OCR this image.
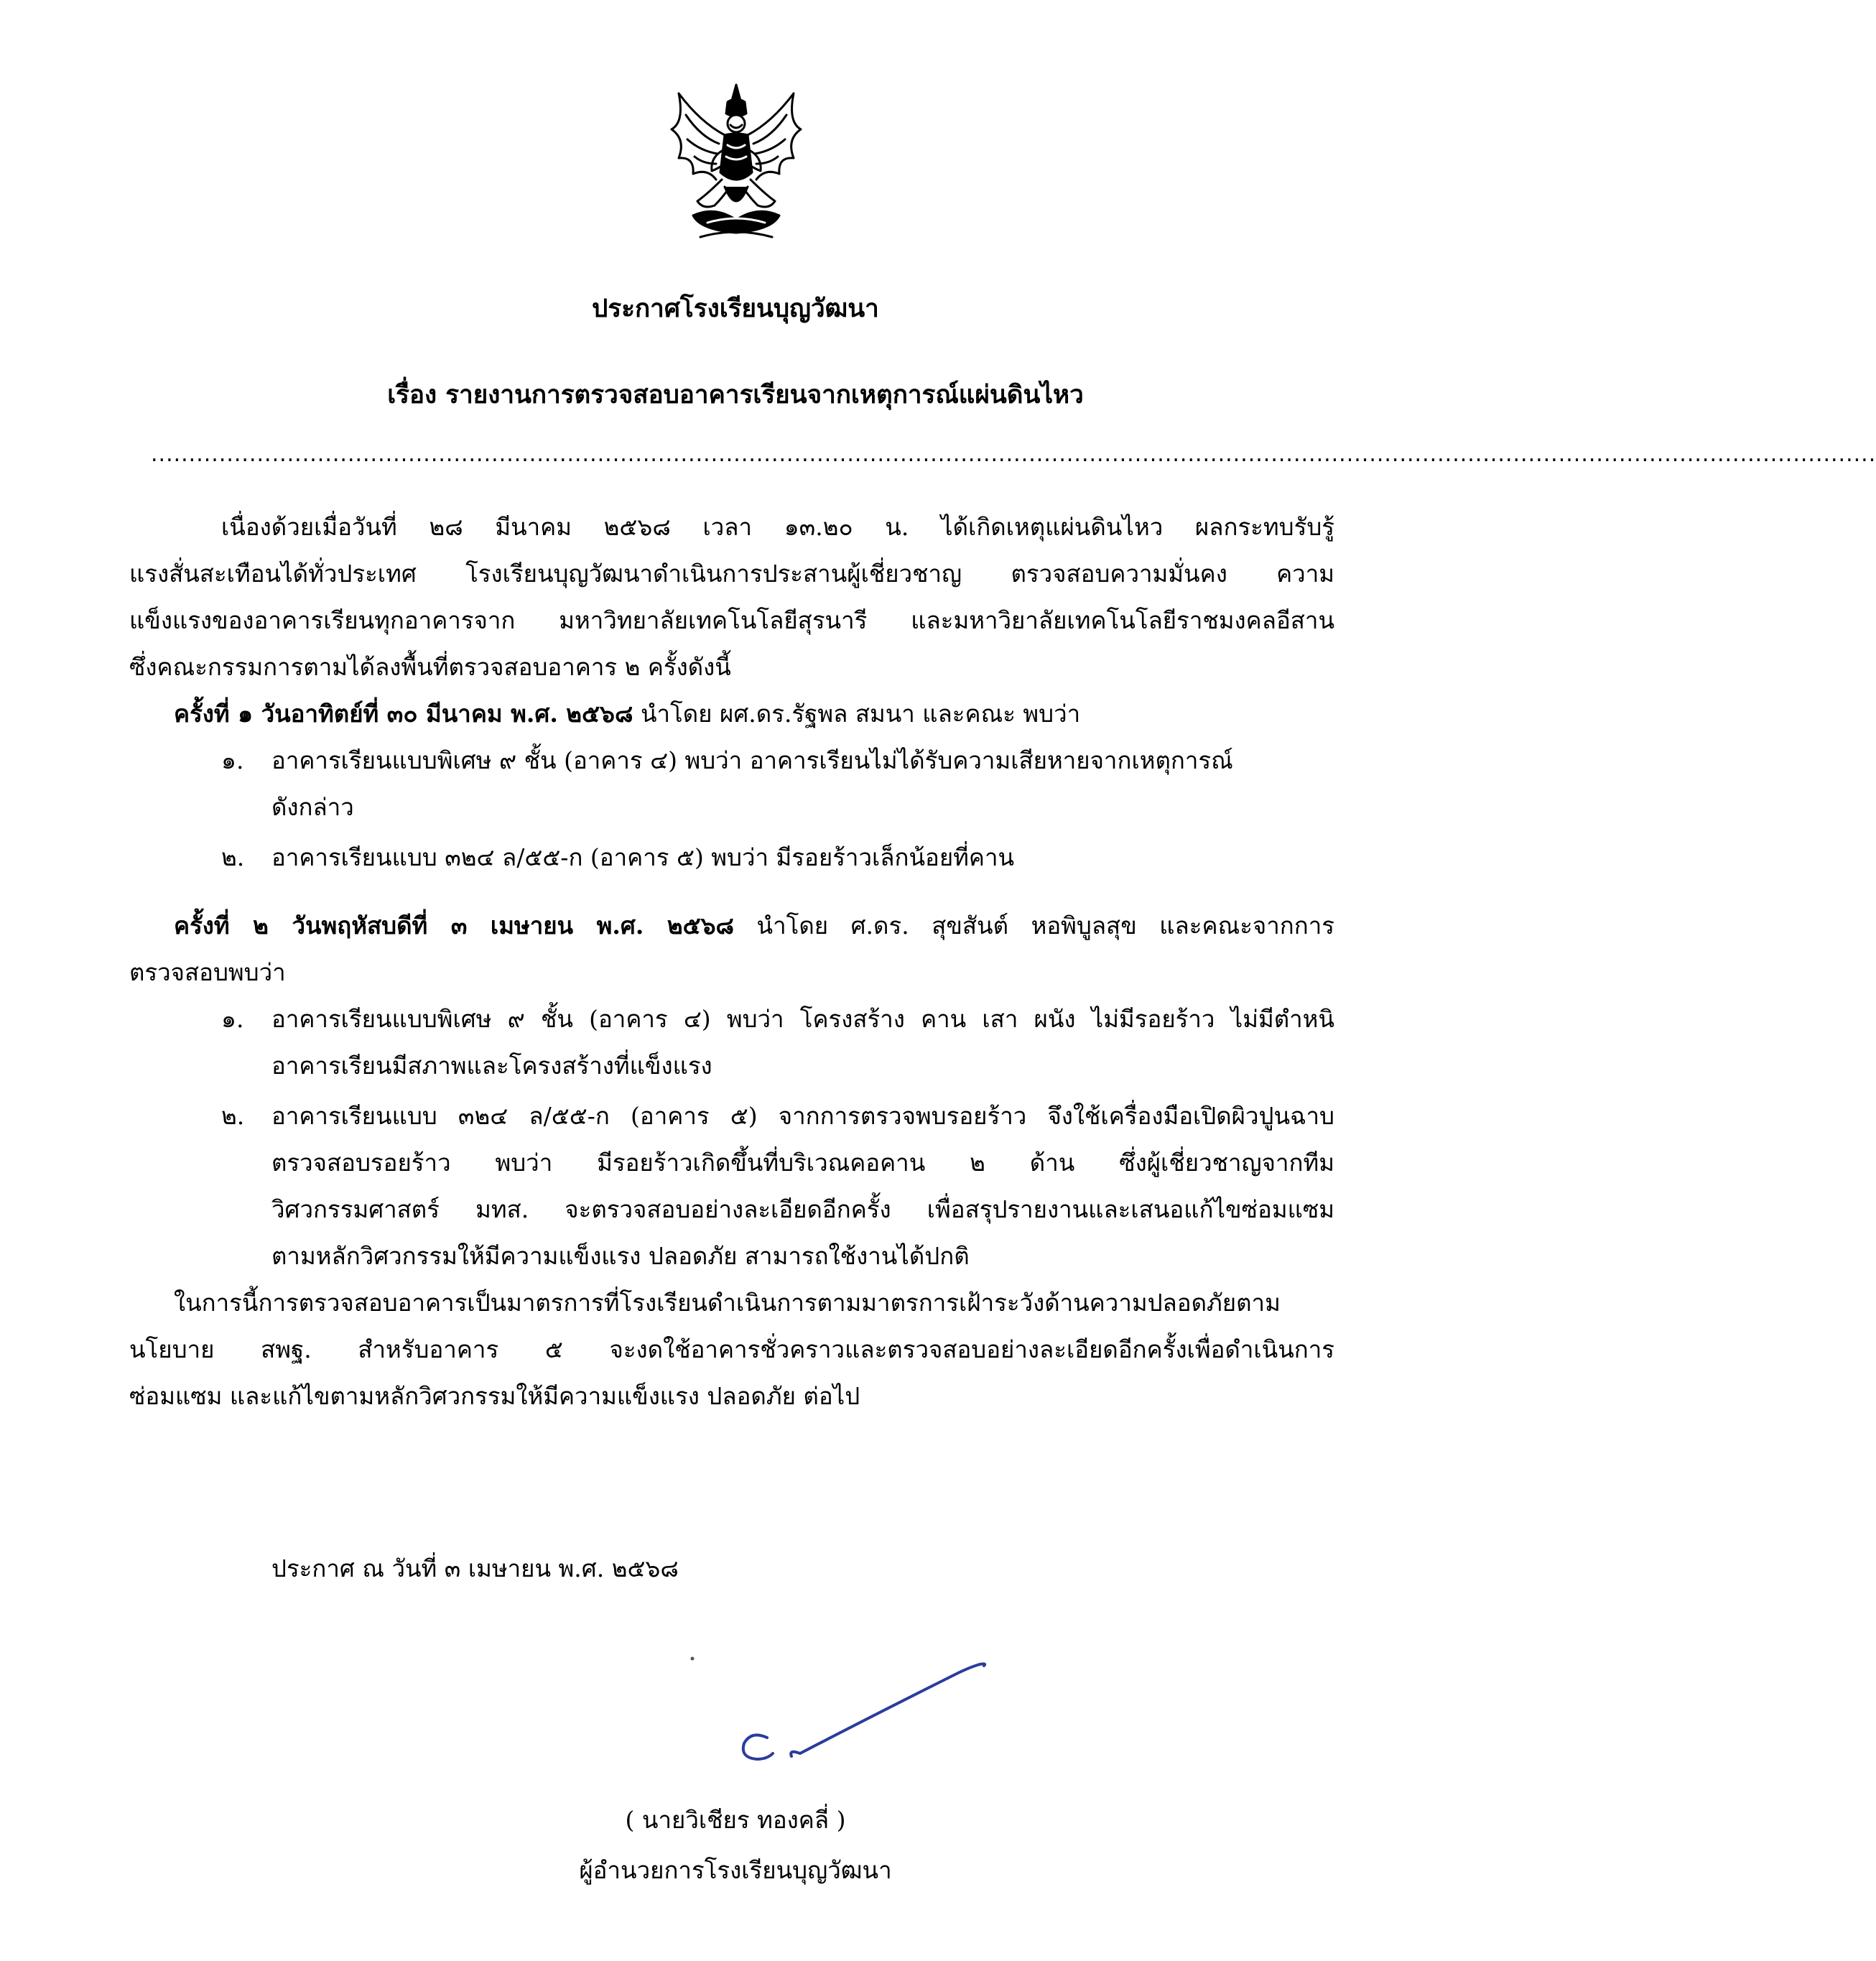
ประกาศโรงเรียนบุญวัฒนา
เรื่อง รายงานการตรวจสอบอาคารเรียนจากเหตุการณ์แผ่นดินไหว
....................................................................................................................................................................................................................................
เนื่องด้วยเมื่อวันที่ ๒๘ มีนาคม ๒๕๖๘ เวลา ๑๓.๒๐ น. ได้เกิดเหตุแผ่นดินไหว ผลกระทบรับรู้
แรงสั่นสะเทือนได้ทั่วประเทศ โรงเรียนบุญวัฒนาดำเนินการประสานผู้เชี่ยวชาญ ตรวจสอบความมั่นคง ความ
แข็งแรงของอาคารเรียนทุกอาคารจาก มหาวิทยาลัยเทคโนโลยีสุรนารี และมหาวิยาลัยเทคโนโลยีราชมงคลอีสาน
ซึ่งคณะกรรมการตามได้ลงพื้นที่ตรวจสอบอาคาร ๒ ครั้งดังนี้
ครั้งที่ ๑ วันอาทิตย์ที่ ๓๐ มีนาคม พ.ศ. ๒๕๖๘ นำโดย ผศ.ดร.รัฐพล สมนา และคณะ พบว่า
๑. อาคารเรียนแบบพิเศษ ๙ ชั้น (อาคาร ๔) พบว่า อาคารเรียนไม่ได้รับความเสียหายจากเหตุการณ์
ดังกล่าว
๒. อาคารเรียนแบบ ๓๒๔ ล/๕๕-ก (อาคาร ๕) พบว่า มีรอยร้าวเล็กน้อยที่คาน
ครั้งที่ ๒ วันพฤหัสบดีที่ ๓ เมษายน พ.ศ. ๒๕๖๘ นำโดย ศ.ดร. สุขสันต์ หอพิบูลสุข และคณะจากการ
ตรวจสอบพบว่า
๑. อาคารเรียนแบบพิเศษ ๙ ชั้น (อาคาร ๔) พบว่า โครงสร้าง คาน เสา ผนัง ไม่มีรอยร้าว ไม่มีตำหนิ
อาคารเรียนมีสภาพและโครงสร้างที่แข็งแรง
๒. อาคารเรียนแบบ ๓๒๔ ล/๕๕-ก (อาคาร ๕) จากการตรวจพบรอยร้าว จึงใช้เครื่องมือเปิดผิวปูนฉาบ
ตรวจสอบรอยร้าว พบว่า มีรอยร้าวเกิดขึ้นที่บริเวณคอคาน ๒ ด้าน ซึ่งผู้เชี่ยวชาญจากทีม
วิศวกรรมศาสตร์ มทส. จะตรวจสอบอย่างละเอียดอีกครั้ง เพื่อสรุปรายงานและเสนอแก้ไขซ่อมแซม
ตามหลักวิศวกรรมให้มีความแข็งแรง ปลอดภัย สามารถใช้งานได้ปกติ
ในการนี้การตรวจสอบอาคารเป็นมาตรการที่โรงเรียนดำเนินการตามมาตรการเฝ้าระวังด้านความปลอดภัยตาม
นโยบาย สพฐ. สำหรับอาคาร ๕ จะงดใช้อาคารชั่วคราวและตรวจสอบอย่างละเอียดอีกครั้งเพื่อดำเนินการ
ซ่อมแซม และแก้ไขตามหลักวิศวกรรมให้มีความแข็งแรง ปลอดภัย ต่อไป
ประกาศ ณ วันที่ ๓ เมษายน พ.ศ. ๒๕๖๘
( นายวิเชียร ทองคลี่ )
ผู้อำนวยการโรงเรียนบุญวัฒนา
